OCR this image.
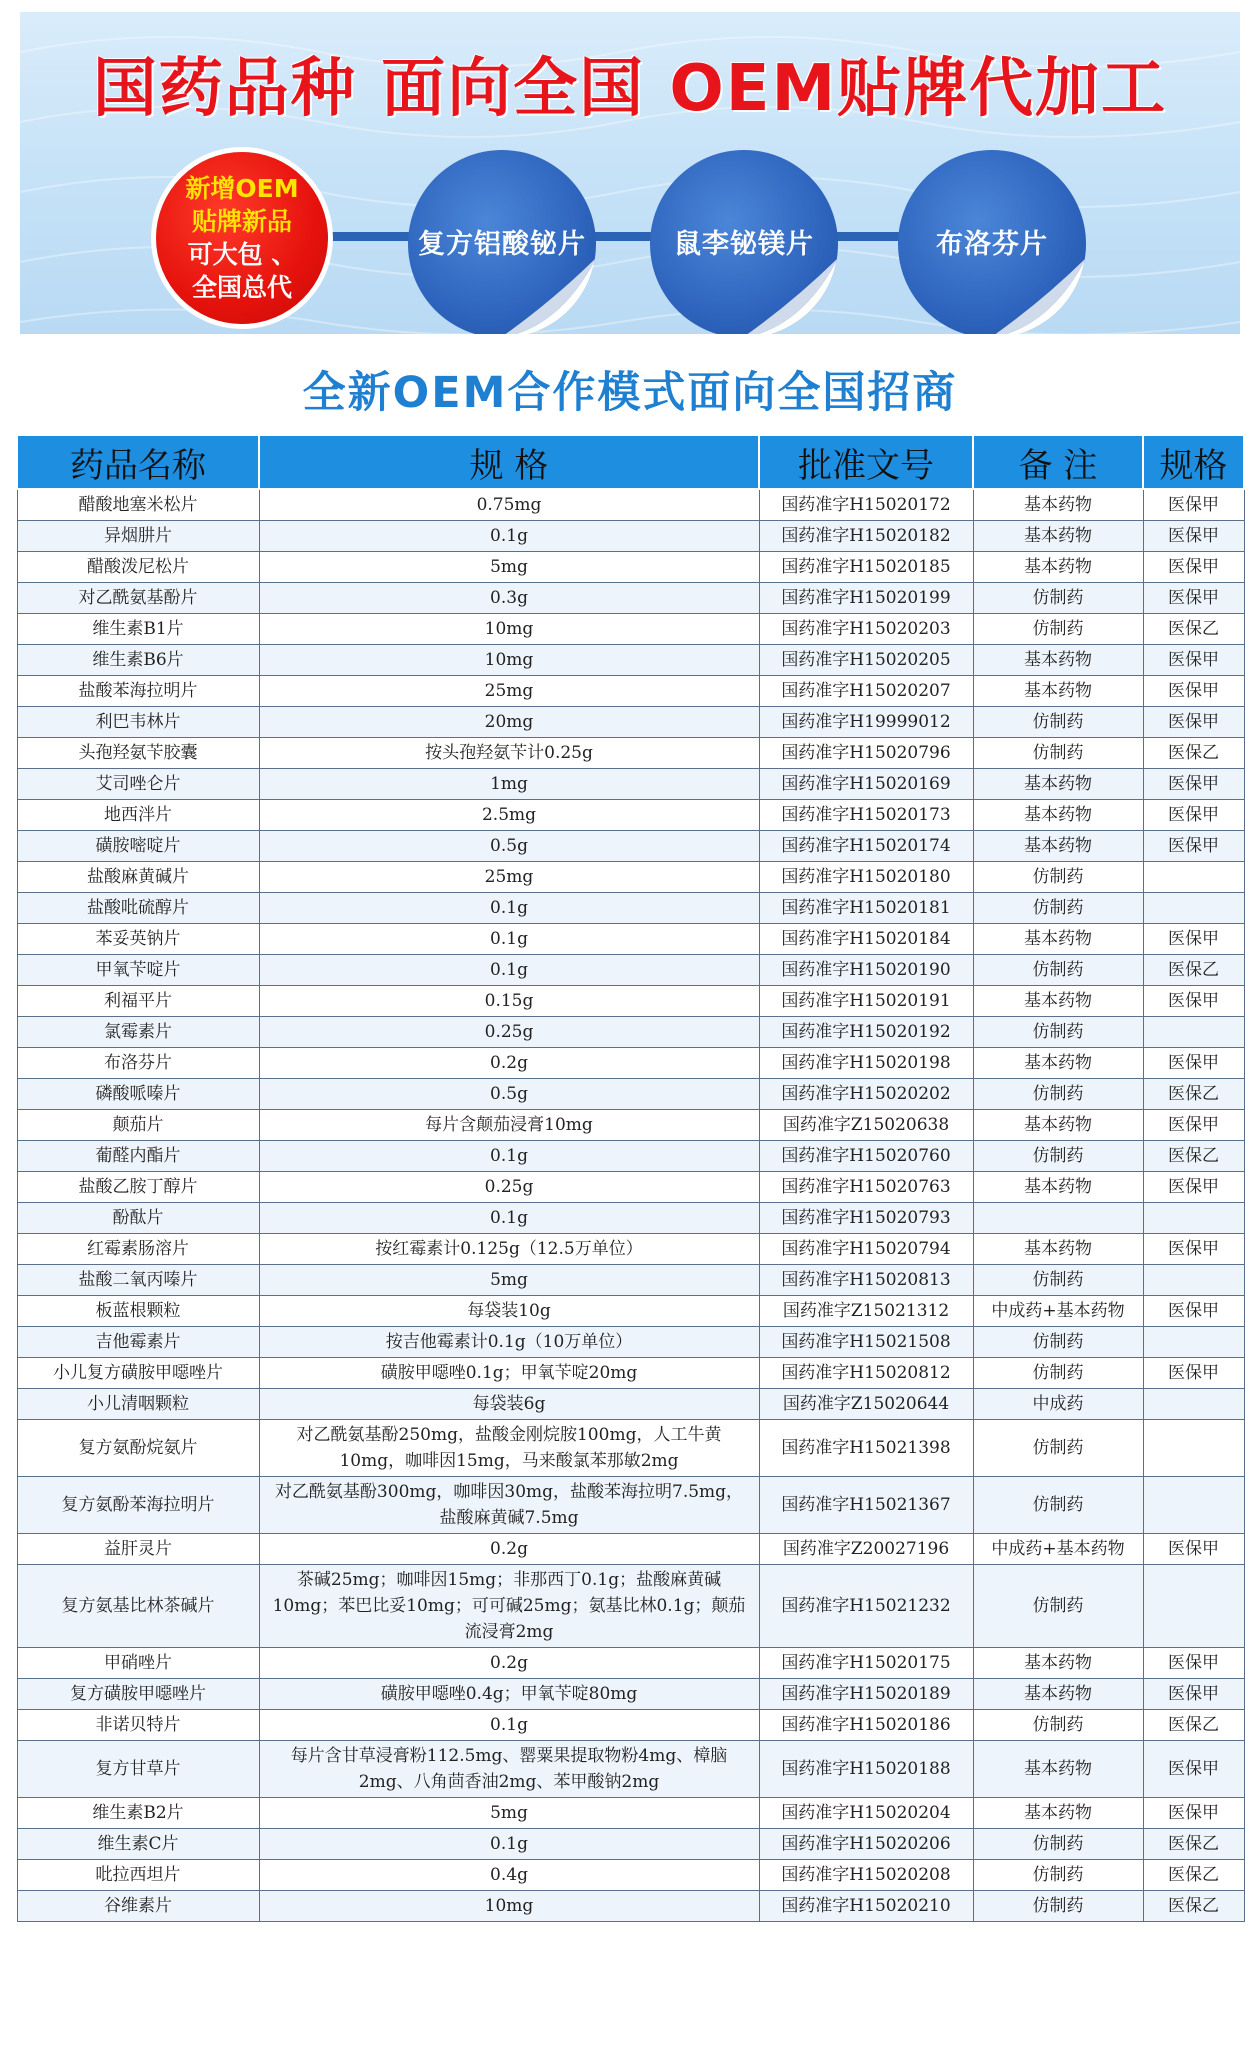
国药品种 面向全国 OEM贴牌代加工
新增OEM
贴牌新品
可大包 、
全国总代
复方铝酸铋片	鼠李铋镁片	布洛芬片
全新OEM合作模式面向全国招商
药品名称	规 格	批准文号	备 注	规格
醋酸地塞米松片	0.75mg	国药准字H15020172	基本药物	医保甲
异烟肼片	0.1g	国药准字H15020182	基本药物	医保甲
醋酸泼尼松片	5mg	国药准字H15020185	基本药物	医保甲
对乙酰氨基酚片	0.3g	国药准字H15020199	仿制药	医保甲
维生素B1片	10mg	国药准字H15020203	仿制药	医保乙
维生素B6片	10mg	国药准字H15020205	基本药物	医保甲
盐酸苯海拉明片	25mg	国药准字H15020207	基本药物	医保甲
利巴韦林片	20mg	国药准字H19999012	仿制药	医保甲
头孢羟氨苄胶囊	按头孢羟氨苄计0.25g	国药准字H15020796	仿制药	医保乙
艾司唑仑片	1mg	国药准字H15020169	基本药物	医保甲
地西泮片	2.5mg	国药准字H15020173	基本药物	医保甲
磺胺嘧啶片	0.5g	国药准字H15020174	基本药物	医保甲
盐酸麻黄碱片	25mg	国药准字H15020180	仿制药	
盐酸吡硫醇片	0.1g	国药准字H15020181	仿制药	
苯妥英钠片	0.1g	国药准字H15020184	基本药物	医保甲
甲氧苄啶片	0.1g	国药准字H15020190	仿制药	医保乙
利福平片	0.15g	国药准字H15020191	基本药物	医保甲
氯霉素片	0.25g	国药准字H15020192	仿制药	
布洛芬片	0.2g	国药准字H15020198	基本药物	医保甲
磷酸哌嗪片	0.5g	国药准字H15020202	仿制药	医保乙
颠茄片	每片含颠茄浸膏10mg	国药准字Z15020638	基本药物	医保甲
葡醛内酯片	0.1g	国药准字H15020760	仿制药	医保乙
盐酸乙胺丁醇片	0.25g	国药准字H15020763	基本药物	医保甲
酚酞片	0.1g	国药准字H15020793		
红霉素肠溶片	按红霉素计0.125g（12.5万单位）	国药准字H15020794	基本药物	医保甲
盐酸二氧丙嗪片	5mg	国药准字H15020813	仿制药	
板蓝根颗粒	每袋装10g	国药准字Z15021312	中成药+基本药物	医保甲
吉他霉素片	按吉他霉素计0.1g（10万单位）	国药准字H15021508	仿制药	
小儿复方磺胺甲噁唑片	磺胺甲噁唑0.1g；甲氧苄啶20mg	国药准字H15020812	仿制药	医保甲
小儿清咽颗粒	每袋装6g	国药准字Z15020644	中成药	
复方氨酚烷氨片	对乙酰氨基酚250mg，盐酸金刚烷胺100mg，人工牛黄10mg，咖啡因15mg，马来酸氯苯那敏2mg	国药准字H15021398	仿制药	
复方氨酚苯海拉明片	对乙酰氨基酚300mg，咖啡因30mg，盐酸苯海拉明7.5mg，盐酸麻黄碱7.5mg	国药准字H15021367	仿制药	
益肝灵片	0.2g	国药准字Z20027196	中成药+基本药物	医保甲
复方氨基比林茶碱片	茶碱25mg；咖啡因15mg；非那西丁0.1g；盐酸麻黄碱10mg；苯巴比妥10mg；可可碱25mg；氨基比林0.1g；颠茄流浸膏2mg	国药准字H15021232	仿制药	
甲硝唑片	0.2g	国药准字H15020175	基本药物	医保甲
复方磺胺甲噁唑片	磺胺甲噁唑0.4g；甲氧苄啶80mg	国药准字H15020189	基本药物	医保甲
非诺贝特片	0.1g	国药准字H15020186	仿制药	医保乙
复方甘草片	每片含甘草浸膏粉112.5mg、罂粟果提取物粉4mg、樟脑2mg、八角茴香油2mg、苯甲酸钠2mg	国药准字H15020188	基本药物	医保甲
维生素B2片	5mg	国药准字H15020204	基本药物	医保甲
维生素C片	0.1g	国药准字H15020206	仿制药	医保乙
吡拉西坦片	0.4g	国药准字H15020208	仿制药	医保乙
谷维素片	10mg	国药准字H15020210	仿制药	医保乙
